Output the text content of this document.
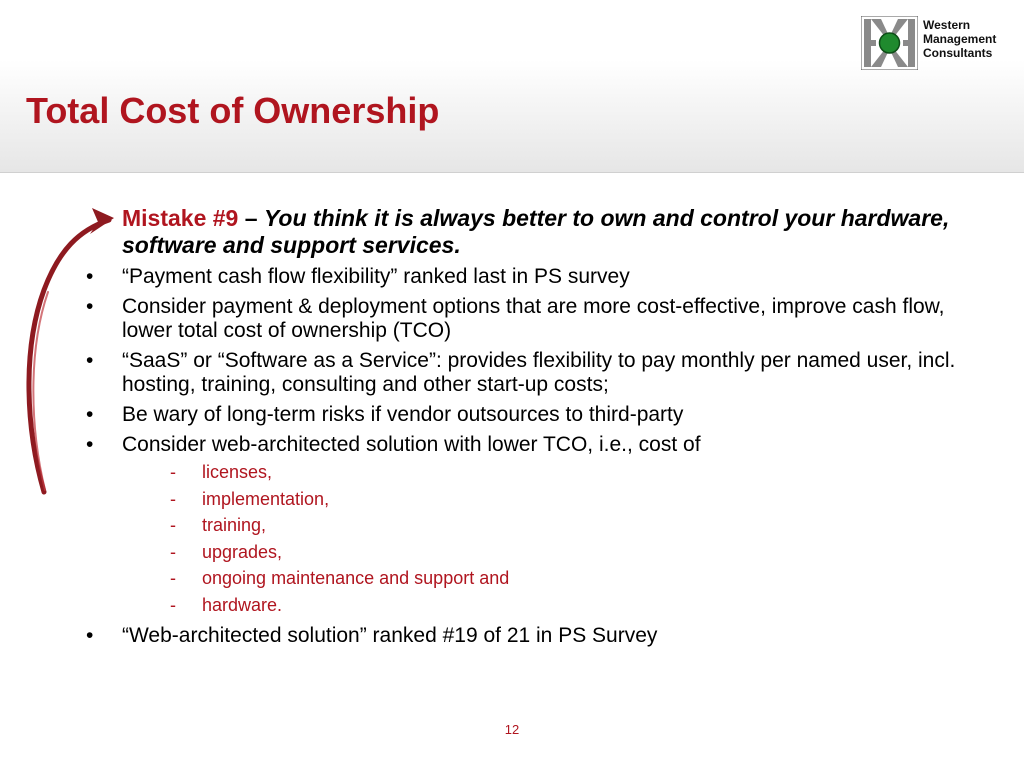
Total Cost of Ownership
Western
Management
Consultants
Mistake #9 – You think it is always better to own and control your hardware, software and support services.
•	“Payment cash flow flexibility” ranked last in PS survey
•	Consider payment & deployment options that are more cost-effective, improve cash flow, lower total cost of ownership (TCO)
•	“SaaS” or “Software as a Service”: provides flexibility to pay monthly per named user, incl. hosting, training, consulting and other start-up costs;
•	Be wary of long-term risks if vendor outsources to third-party
•	Consider web-architected solution with lower TCO, i.e., cost of
- licenses,
- implementation,
- training,
- upgrades,
- ongoing maintenance and support and
- hardware.
•	“Web-architected solution” ranked #19 of 21 in PS Survey
12
